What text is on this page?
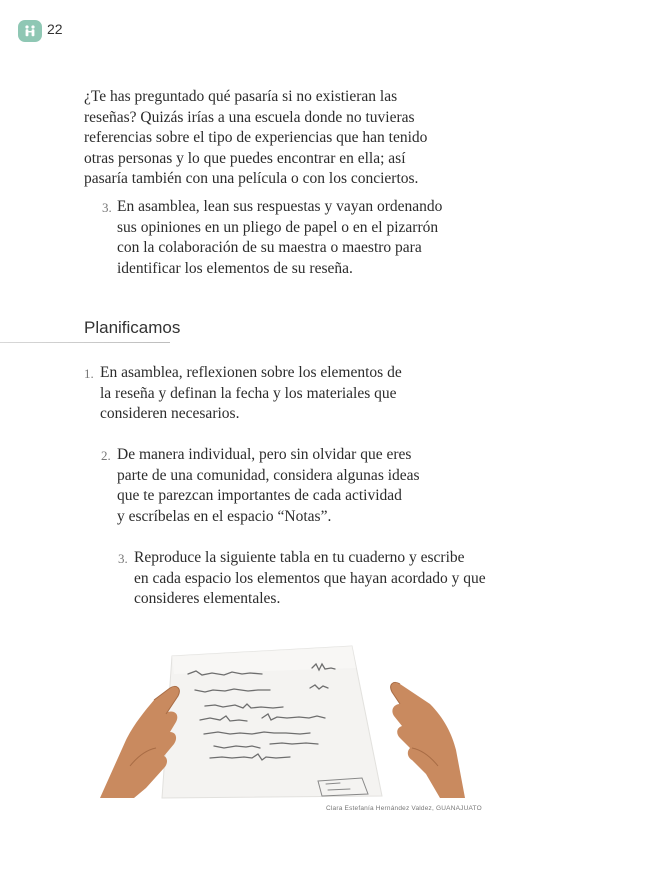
22

¿Te has preguntado qué pasaría si no existieran las
reseñas? Quizás irías a una escuela donde no tuvieras
referencias sobre el tipo de experiencias que han tenido
otras personas y lo que puedes encontrar en ella; así
pasaría también con una película o con los conciertos.

3. En asamblea, lean sus respuestas y vayan ordenando
sus opiniones en un pliego de papel o en el pizarrón
con la colaboración de su maestra o maestro para
identificar los elementos de su reseña.

Planificamos
1. En asamblea, reflexionen sobre los elementos de
la reseña y definan la fecha y los materiales que
consideren necesarios.

2. De manera individual, pero sin olvidar que eres
parte de una comunidad, considera algunas ideas
que te parezcan importantes de cada actividad
y escríbelas en el espacio “Notas”.

3. Reproduce la siguiente tabla en tu cuaderno y escribe
en cada espacio los elementos que hayan acordado y que
consideres elementales.

Clara Estefanía Hernández Valdez, GUANAJUATO
